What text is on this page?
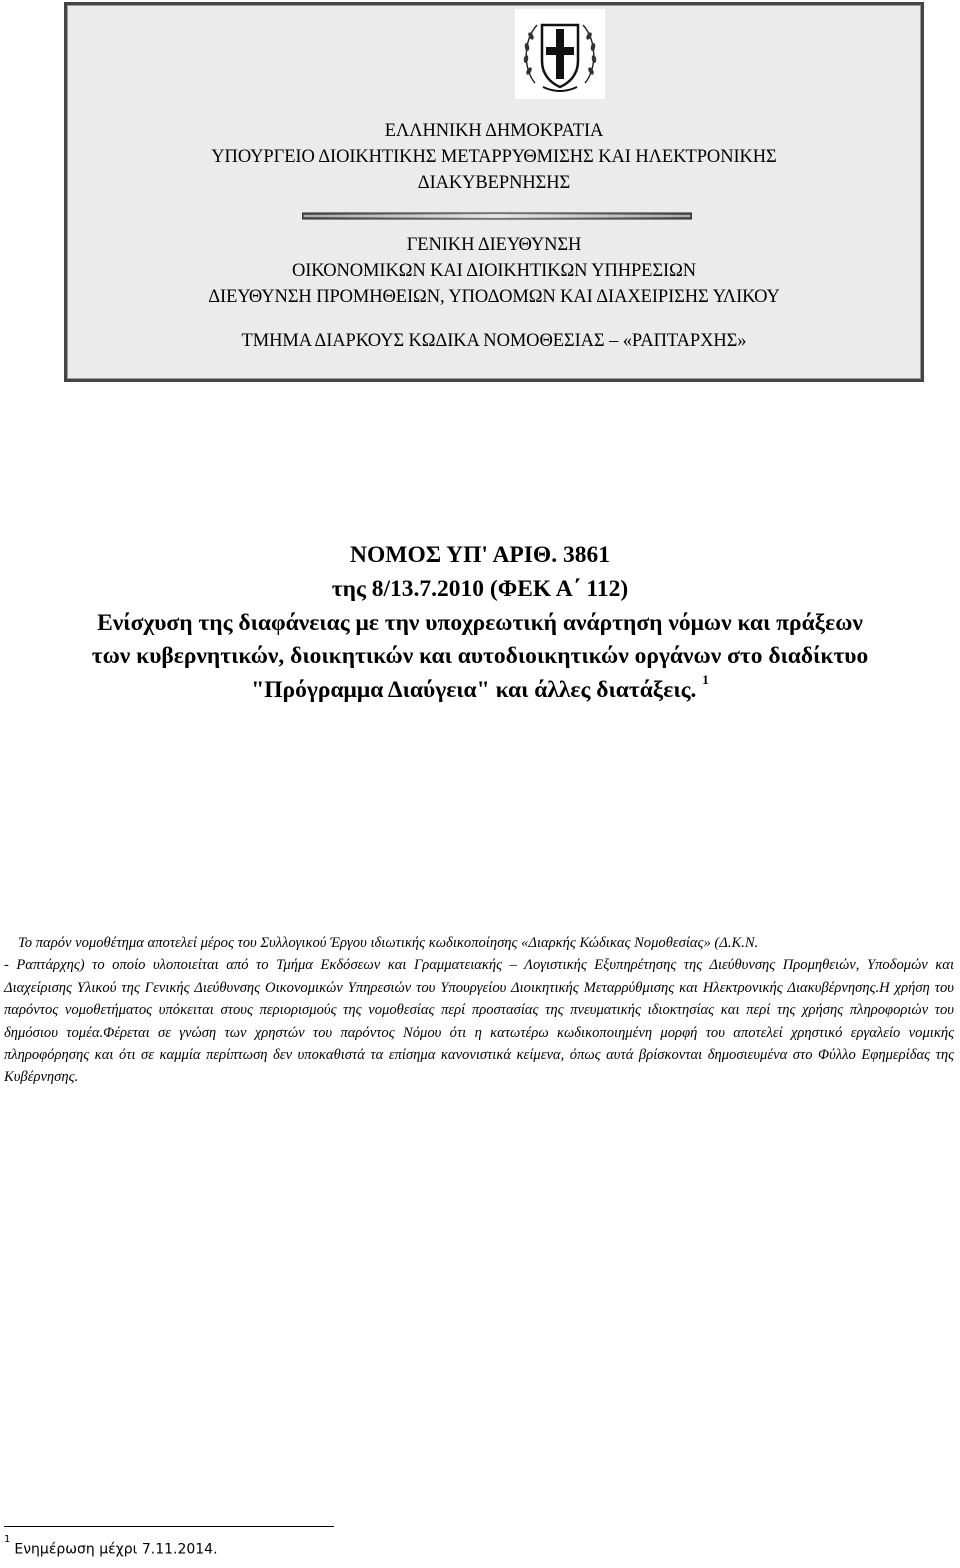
ΕΛΛΗΝΙΚΗ ΔΗΜΟΚΡΑΤΙΑ
ΥΠΟΥΡΓΕΙΟ ΔΙΟΙΚΗΤΙΚΗΣ ΜΕΤΑΡΡΥΘΜΙΣΗΣ ΚΑΙ ΗΛΕΚΤΡΟΝΙΚΗΣ
ΔΙΑΚΥΒΕΡΝΗΣΗΣ
ΓΕΝΙΚΗ ΔΙΕΥΘΥΝΣΗ
ΟΙΚΟΝΟΜΙΚΩΝ ΚΑΙ ΔΙΟΙΚΗΤΙΚΩΝ ΥΠΗΡΕΣΙΩΝ
ΔΙΕΥΘΥΝΣΗ ΠΡΟΜΗΘΕΙΩΝ, ΥΠΟΔΟΜΩΝ ΚΑΙ ΔΙΑΧΕΙΡΙΣΗΣ ΥΛΙΚΟΥ
ΤΜΗΜΑ ΔΙΑΡΚΟΥΣ ΚΩΔΙΚΑ ΝΟΜΟΘΕΣΙΑΣ – «ΡΑΠΤΑΡΧΗΣ»
ΝΟΜΟΣ ΥΠ' ΑΡΙΘ. 3861
της 8/13.7.2010 (ΦΕΚ Α΄ 112)
Ενίσχυση της διαφάνειας με την υποχρεωτική ανάρτηση νόμων και πράξεων
των κυβερνητικών, διοικητικών και αυτοδιοικητικών οργάνων στο διαδίκτυο
"Πρόγραμμα Διαύγεια" και άλλες διατάξεις. $^1$

Το παρόν νομοθέτημα αποτελεί μέρος του Συλλογικού Έργου ιδιωτικής κωδικοποίησης «Διαρκής Κώδικας Νομοθεσίας» (Δ.Κ.Ν.
- Ραπτάρχης) το οποίο υλοποιείται από το Τμήμα Εκδόσεων και Γραμματειακής – Λογιστικής Εξυπηρέτησης της Διεύθυνσης Προμηθειών, Υποδομών και Διαχείρισης Υλικού της Γενικής Διεύθυνσης Οικονομικών Υπηρεσιών του Υπουργείου Διοικητικής Μεταρρύθμισης και Ηλεκτρονικής Διακυβέρνησης.Η χρήση του παρόντος νομοθετήματος υπόκειται στους περιορισμούς της νομοθεσίας περί προστασίας της πνευματικής ιδιοκτησίας και περί της χρήσης πληροφοριών του δημόσιου τομέα.Φέρεται σε γνώση των χρηστών του παρόντος Νόμου ότι η κατωτέρω κωδικοποιημένη μορφή του αποτελεί χρηστικό εργαλείο νομικής πληροφόρησης και ότι σε καμμία περίπτωση δεν υποκαθιστά τα επίσημα κανονιστικά κείμενα, όπως αυτά βρίσκονται δημοσιευμένα στο Φύλλο Εφημερίδας της Κυβέρνησης.

$^1$Ενημέρωση μέχρι 7.11.2014.
